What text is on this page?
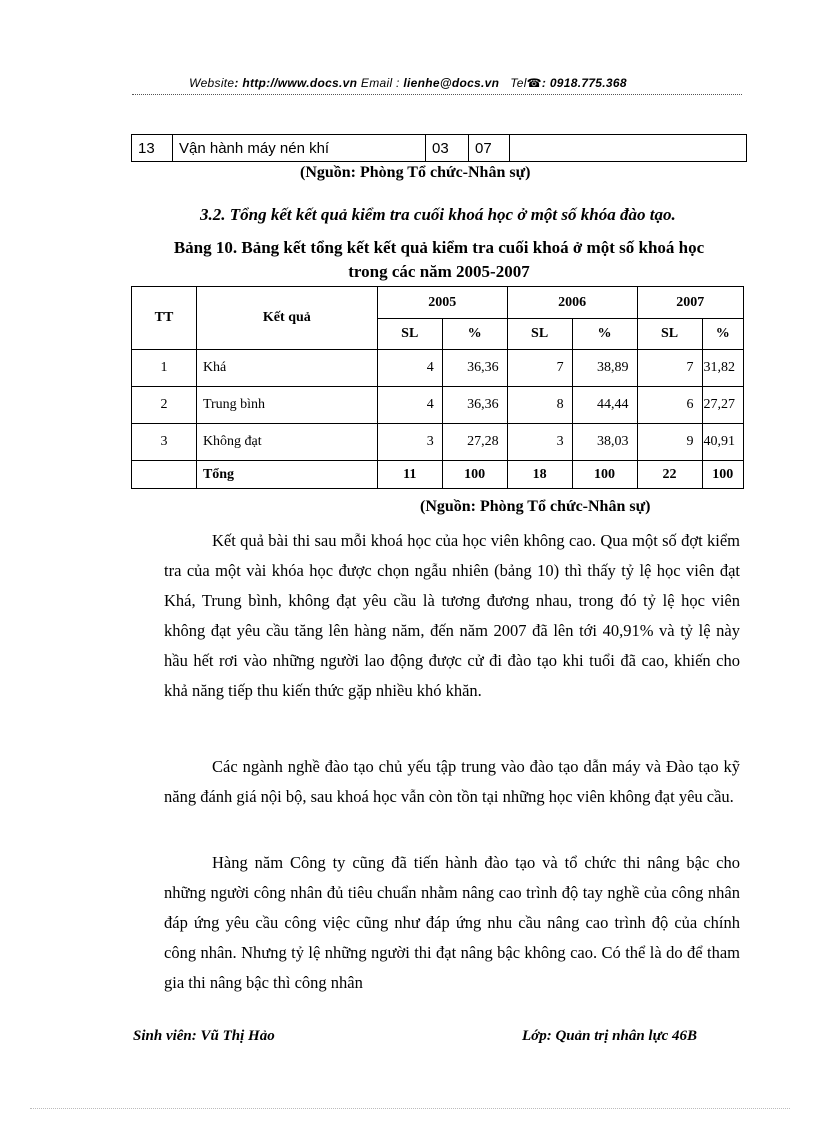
Website: http://www.docs.vn Email : lienhe@docs.vn Tel☎: 0918.775.368
13	Vận hành máy nén khí	03	07	
(Nguồn: Phòng Tổ chức-Nhân sự)
3.2. Tổng kết kết quả kiểm tra cuối khoá học ở một số khóa đào tạo.
Bảng 10. Bảng kết tổng kết kết quả kiểm tra cuối khoá ở một số khoá học
trong các năm 2005-2007
TT	Kết quả	2005		2006		2007	
		SL	%	SL	%	SL	%
1	Khá	4	36,36	7	38,89	7	31,82
2	Trung bình	4	36,36	8	44,44	6	27,27
3	Không đạt	3	27,28	3	38,03	9	40,91
	Tổng	11	100	18	100	22	100
(Nguồn: Phòng Tổ chức-Nhân sự)
Kết quả bài thi sau mỗi khoá học của học viên không cao. Qua một số đợt kiểm tra của một vài khóa học được chọn ngẫu nhiên (bảng 10) thì thấy tỷ lệ học viên đạt Khá, Trung bình, không đạt yêu cầu là tương đương nhau, trong đó tỷ lệ học viên không đạt yêu cầu tăng lên hàng năm, đến năm 2007 đã lên tới 40,91% và tỷ lệ này hầu hết rơi vào những người lao động được cử đi đào tạo khi tuổi đã cao, khiến cho khả năng tiếp thu kiến thức gặp nhiều khó khăn.
Các ngành nghề đào tạo chủ yếu tập trung vào đào tạo dẫn máy và Đào tạo kỹ năng đánh giá nội bộ, sau khoá học vẫn còn tồn tại những học viên không đạt yêu cầu.
Hàng năm Công ty cũng đã tiến hành đào tạo và tổ chức thi nâng bậc cho những người công nhân đủ tiêu chuẩn nhằm nâng cao trình độ tay nghề của công nhân đáp ứng yêu cầu công việc cũng như đáp ứng nhu cầu nâng cao trình độ của chính công nhân. Nhưng tỷ lệ những người thi đạt nâng bậc không cao. Có thể là do để tham gia thi nâng bậc thì công nhân
Sinh viên: Vũ Thị Hảo	Lớp: Quản trị nhân lực 46B
